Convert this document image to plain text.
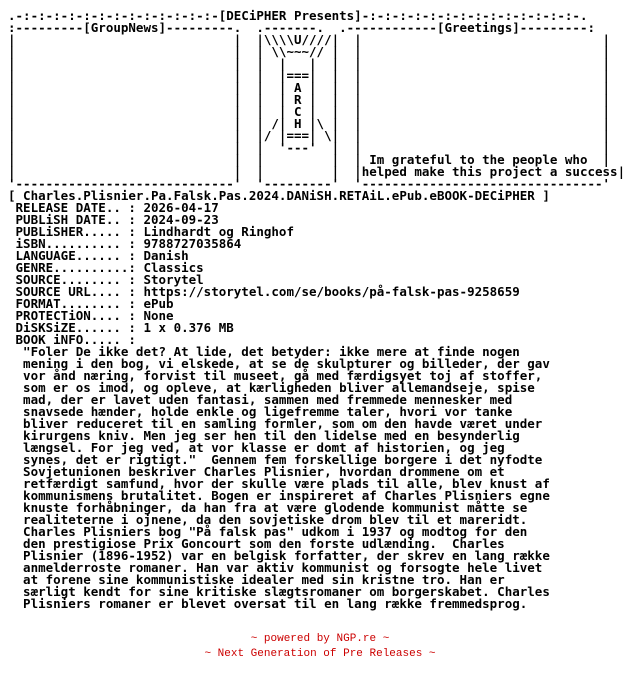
.-:-:-:-:-:-:-:-:-:-:-:-:-:-[DECiPHER Presents]-:-:-:-:-:-:-:-:-:-:-:-:-:-:-.
:---------[GroupNews]---------.  .-------.  .------------[Greetings]---------:
|                             |  |\\\\U////|  |                                |
|                             |  | \\~~~// |  |                                |
|                             |  |  |   |  |  |                                |
|                             |  |  |===|  |  |                                |
|                             |  |  | A |  |  |                                |
|                             |  |  | R |  |  |                                |
|                             |  |  | C |  |  |                                |
|                             |  | /| H |\ |  |                                |
|                             |  |/ |===| \|  |                                |
|                             |  |  '---'  |  |                                |
|                             |  |         |  | Im grateful to the people who  |
|                             |  |         |  |helped make this project a success|
'-----------------------------'  '---------'  '--------------------------------'
[ Charles.Plisnier.Pa.Falsk.Pas.2024.DANiSH.RETAiL.ePub.eBOOK-DECiPHER ]
RELEASE DATE.. : 2026-04-17
PUBLiSH DATE.. : 2024-09-23
PUBLiSHER..... : Lindhardt og Ringhof
iSBN.......... : 9788727035864
LANGUAGE...... : Danish
GENRE..........: Classics
SOURCE........ : Storytel
SOURCE URL.... : https://storytel.com/se/books/på-falsk-pas-9258659
FORMAT........ : ePub
PROTECTiON.... : None
DiSKSiZE...... : 1 x 0.376 MB
BOOK iNFO..... :
"Foler De ikke det? At lide, det betyder: ikke mere at finde nogen
mening i den bog, vi elskede, at se de skulpturer og billeder, der gav
vor ånd næring, forvist til museet, gå med færdigsyet toj af stoffer,
som er os imod, og opleve, at kærligheden bliver allemandseje, spise
mad, der er lavet uden fantasi, sammen med fremmede mennesker med
snavsede hænder, holde enkle og ligefremme taler, hvori vor tanke
bliver reduceret til en samling formler, som om den havde været under
kirurgens kniv. Men jeg ser hen til den lidelse med en besynderlig
længsel. For jeg ved, at vor klasse er domt af historien, og jeg
synes, det er rigtigt."  Gennem fem forskellige borgere i det nyfodte
Sovjetunionen beskriver Charles Plisnier, hvordan drommene om et
retfærdigt samfund, hvor der skulle være plads til alle, blev knust af
kommunismens brutalitet. Bogen er inspireret af Charles Plisniers egne
knuste forhåbninger, da han fra at være glodende kommunist måtte se
realiteterne i ojnene, da den sovjetiske drom blev til et mareridt.
Charles Plisniers bog "På falsk pas" udkom i 1937 og modtog for den
den prestigiose Prix Goncourt som den forste udlænding.  Charles
Plisnier (1896-1952) var en belgisk forfatter, der skrev en lang række
anmelderroste romaner. Han var aktiv kommunist og forsogte hele livet
at forene sine kommunistiske idealer med sin kristne tro. Han er
særligt kendt for sine kritiske slægtsromaner om borgerskabet. Charles
Plisniers romaner er blevet oversat til en lang række fremmedsprog.

~ powered by NGP.re ~
~ Next Generation of Pre Releases ~
